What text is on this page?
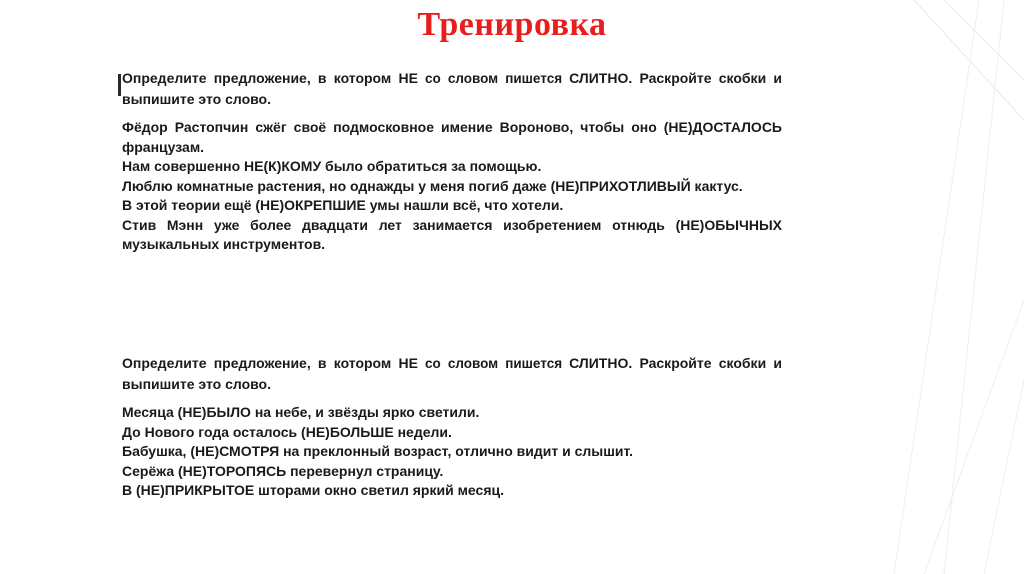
Тренировка

Определите предложение, в котором НЕ со словом пишется СЛИТНО. Раскройте скобки и выпишите это слово.

Фёдор Растопчин сжёг своё подмосковное имение Вороново, чтобы оно (НЕ)ДОСТАЛОСЬ французам.
Нам совершенно НЕ(К)КОМУ было обратиться за помощью.
Люблю комнатные растения, но однажды у меня погиб даже (НЕ)ПРИХОТЛИВЫЙ кактус.
В этой теории ещё (НЕ)ОКРЕПШИЕ умы нашли всё, что хотели.
Стив Мэнн уже более двадцати лет занимается изобретением отнюдь (НЕ)ОБЫЧНЫХ музыкальных инструментов.

Определите предложение, в котором НЕ со словом пишется СЛИТНО. Раскройте скобки и выпишите это слово.

Месяца (НЕ)БЫЛО на небе, и звёзды ярко светили.
До Нового года осталось (НЕ)БОЛЬШЕ недели.
Бабушка, (НЕ)СМОТРЯ на преклонный возраст, отлично видит и слышит.
Серёжа (НЕ)ТОРОПЯСЬ перевернул страницу.
В (НЕ)ПРИКРЫТОЕ шторами окно светил яркий месяц.
